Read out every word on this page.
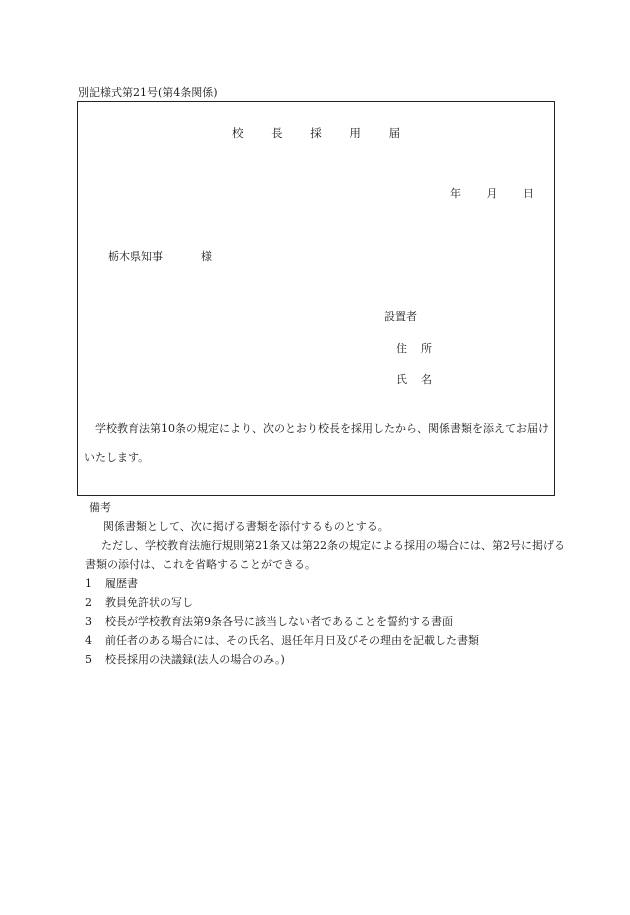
別記様式第21号(第4条関係)
校 長 採 用 届
年 月 日
栃木県知事	様
設置者
住 所
氏 名
学校教育法第10条の規定により、次のとおり校長を採用したから、関係書類を添えてお届けいたします。
備考
関係書類として、次に掲げる書類を添付するものとする。
ただし、学校教育法施行規則第21条又は第22条の規定による採用の場合には、第2号に掲げる書類の添付は、これを省略することができる。
1 履歴書
2 教員免許状の写し
3 校長が学校教育法第9条各号に該当しない者であることを誓約する書面
4 前任者のある場合には、その氏名、退任年月日及びその理由を記載した書類
5 校長採用の決議録(法人の場合のみ。)
